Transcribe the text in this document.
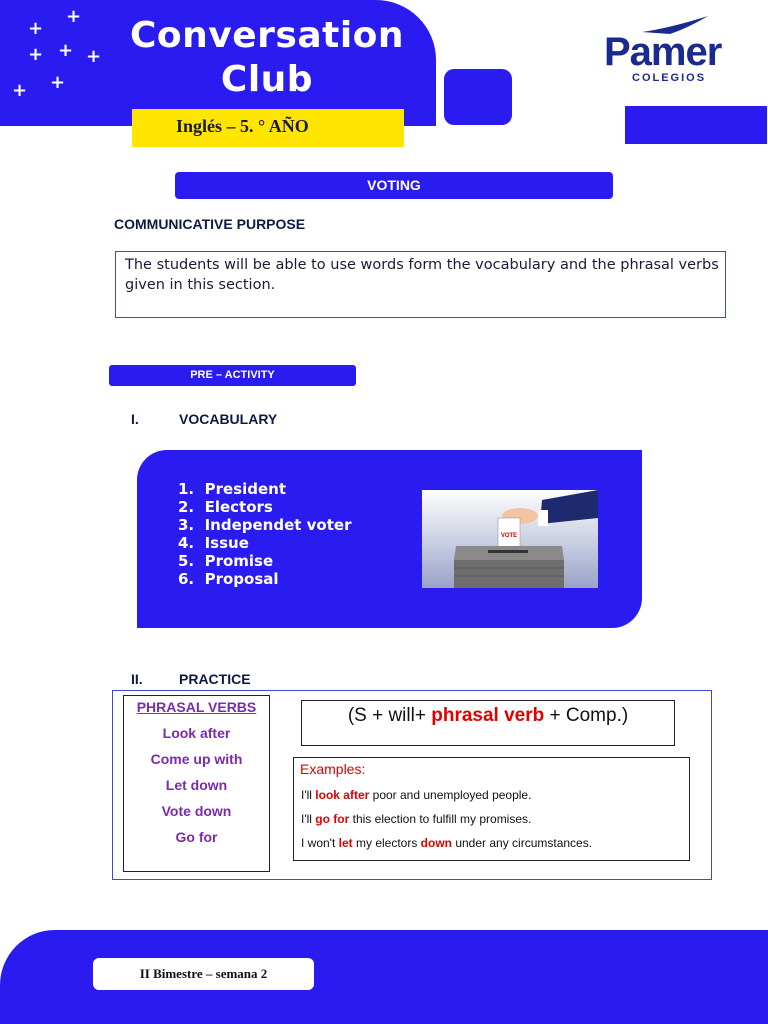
+
+
+ + +
+ +
Conversation Club
Inglés – 5. ° AÑO
Pamer
COLEGIOS
VOTING
COMMUNICATIVE PURPOSE
The students will be able to use words form the vocabulary and the phrasal verbs given in this section.
PRE – ACTIVITY
I.	VOCABULARY
1.  President
2.  Electors
3.  Independet voter
4.  Issue
5.  Promise
6.  Proposal
VOTE
II.	PRACTICE
PHRASAL VERBS
Look after
Come up with
Let down
Vote down
Go for
(S + will+ phrasal verb + Comp.)
Examples:
I'll look after poor and unemployed people.
I'll go for this election to fulfill my promises.
I won't let my electors down under any circumstances.
II Bimestre – semana 2
